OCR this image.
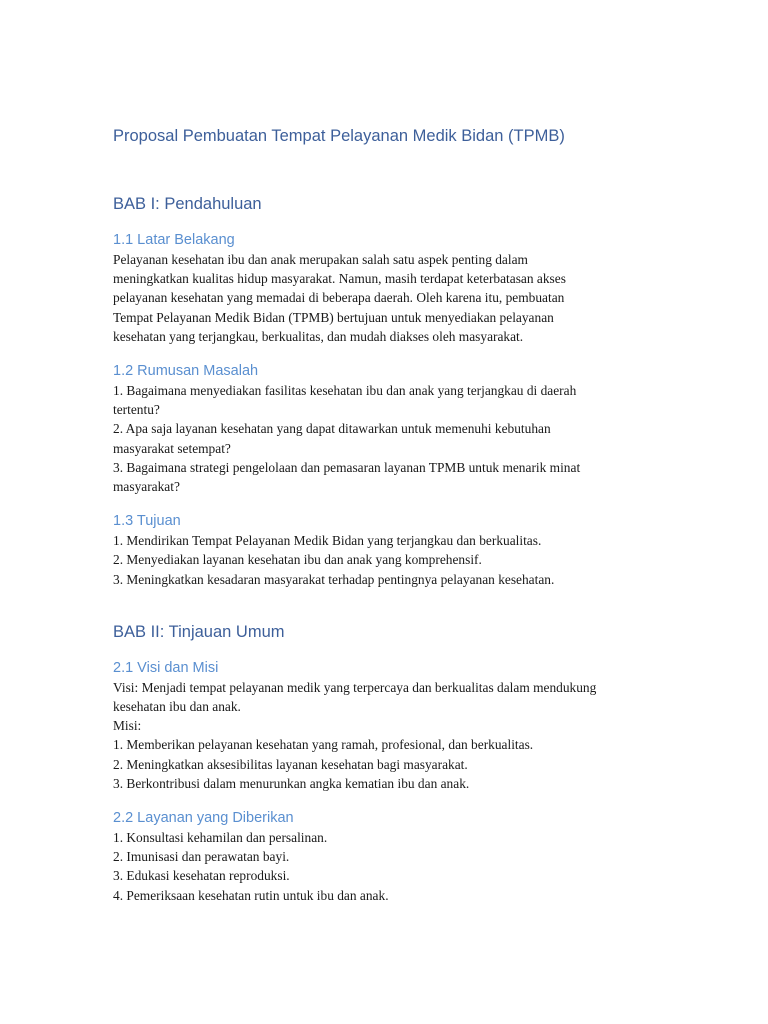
Proposal Pembuatan Tempat Pelayanan Medik Bidan (TPMB)
BAB I: Pendahuluan
1.1 Latar Belakang
Pelayanan kesehatan ibu dan anak merupakan salah satu aspek penting dalam
meningkatkan kualitas hidup masyarakat. Namun, masih terdapat keterbatasan akses
pelayanan kesehatan yang memadai di beberapa daerah. Oleh karena itu, pembuatan
Tempat Pelayanan Medik Bidan (TPMB) bertujuan untuk menyediakan pelayanan
kesehatan yang terjangkau, berkualitas, dan mudah diakses oleh masyarakat.
1.2 Rumusan Masalah
1. Bagaimana menyediakan fasilitas kesehatan ibu dan anak yang terjangkau di daerah
tertentu?
2. Apa saja layanan kesehatan yang dapat ditawarkan untuk memenuhi kebutuhan
masyarakat setempat?
3. Bagaimana strategi pengelolaan dan pemasaran layanan TPMB untuk menarik minat
masyarakat?
1.3 Tujuan
1. Mendirikan Tempat Pelayanan Medik Bidan yang terjangkau dan berkualitas.
2. Menyediakan layanan kesehatan ibu dan anak yang komprehensif.
3. Meningkatkan kesadaran masyarakat terhadap pentingnya pelayanan kesehatan.
BAB II: Tinjauan Umum
2.1 Visi dan Misi
Visi: Menjadi tempat pelayanan medik yang terpercaya dan berkualitas dalam mendukung
kesehatan ibu dan anak.
Misi:
1. Memberikan pelayanan kesehatan yang ramah, profesional, dan berkualitas.
2. Meningkatkan aksesibilitas layanan kesehatan bagi masyarakat.
3. Berkontribusi dalam menurunkan angka kematian ibu dan anak.
2.2 Layanan yang Diberikan
1. Konsultasi kehamilan dan persalinan.
2. Imunisasi dan perawatan bayi.
3. Edukasi kesehatan reproduksi.
4. Pemeriksaan kesehatan rutin untuk ibu dan anak.
